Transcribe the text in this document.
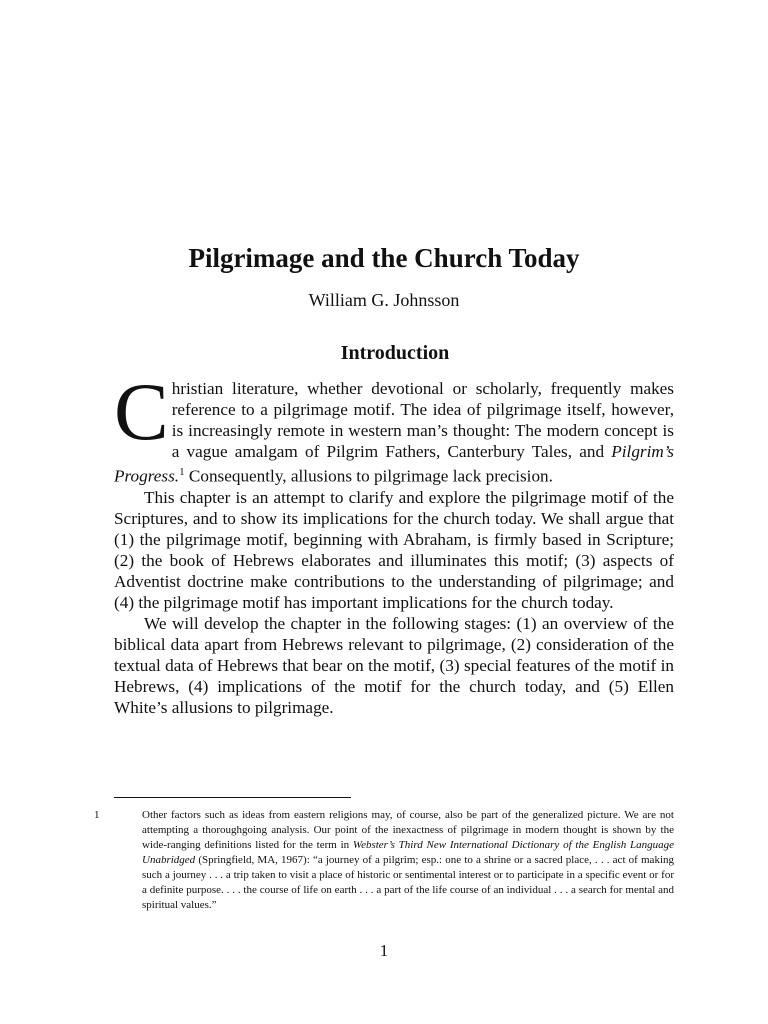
Pilgrimage and the Church Today
William G. Johnsson
Introduction

Christian literature, whether devotional or scholarly, frequently makes reference to a pilgrimage motif. The idea of pilgrimage itself, however, is increasingly remote in western man’s thought: The modern concept is a vague amalgam of Pilgrim Fathers, Canterbury Tales, and Pilgrim’s Progress.$^1$ Consequently, allusions to pilgrimage lack precision.

This chapter is an attempt to clarify and explore the pilgrimage motif of the Scriptures, and to show its implications for the church today. We shall argue that (1) the pilgrimage motif, beginning with Abraham, is firmly based in Scripture; (2) the book of Hebrews elaborates and illuminates this motif; (3) aspects of Adventist doctrine make contributions to the understanding of pilgrimage; and (4) the pilgrimage motif has important implications for the church today.

We will develop the chapter in the following stages: (1) an overview of the biblical data apart from Hebrews relevant to pilgrimage, (2) consideration of the textual data of Hebrews that bear on the motif, (3) special features of the motif in Hebrews, (4) implications of the motif for the church today, and (5) Ellen White’s allusions to pilgrimage.

1	Other factors such as ideas from eastern religions may, of course, also be part of the generalized picture. We are not attempting a thoroughgoing analysis. Our point of the inexactness of pilgrimage in modern thought is shown by the wide-ranging definitions listed for the term in Webster’s Third New International Dictionary of the English Language Unabridged (Springfield, MA, 1967): “a journey of a pilgrim; esp.: one to a shrine or a sacred place, . . . act of making such a journey . . . a trip taken to visit a place of historic or sentimental interest or to participate in a specific event or for a definite purpose. . . . the course of life on earth . . . a part of the life course of an individual . . . a search for mental and spiritual values.”
1
